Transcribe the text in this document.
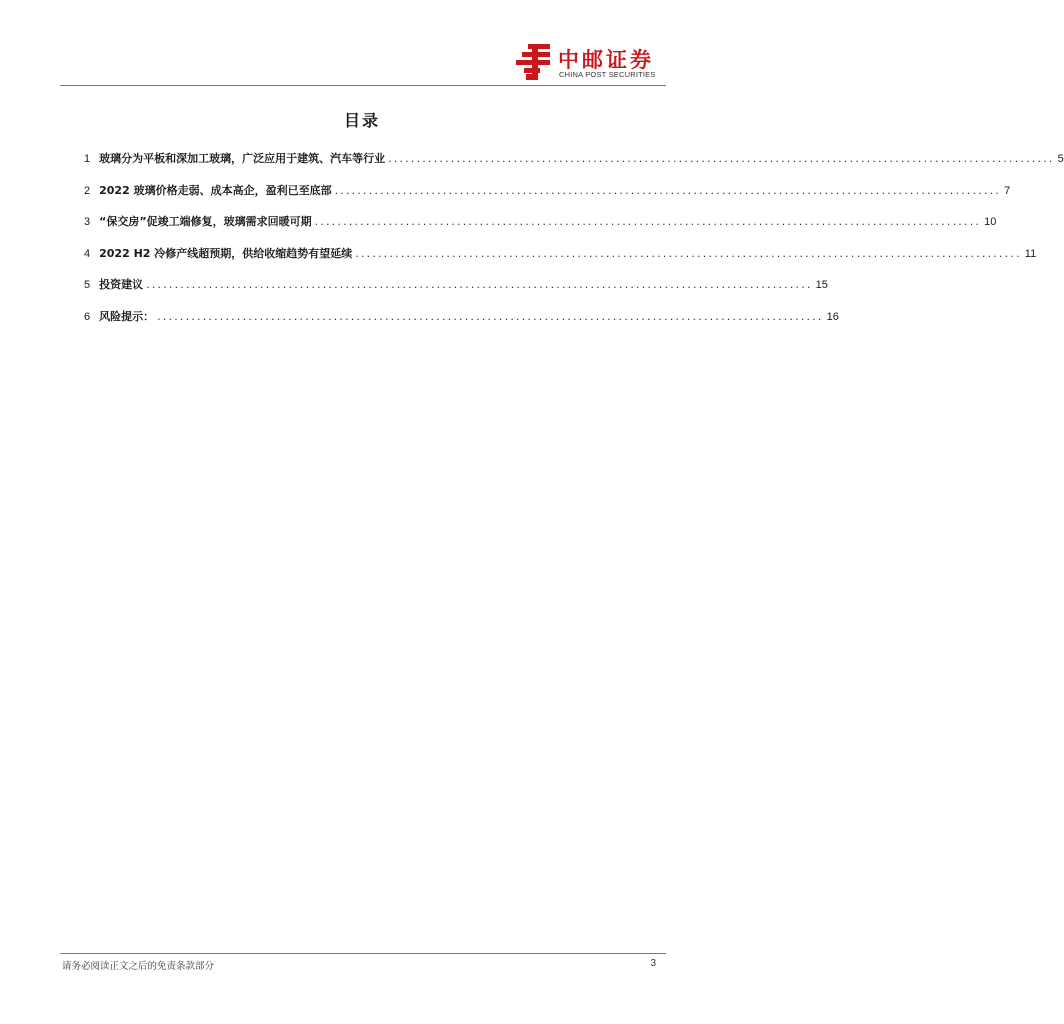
中邮证券
CHINA POST SECURITIES
目录
1 玻璃分为平板和深加工玻璃，广泛应用于建筑、汽车等行业 ..................................................................................................................... 5
2 2022 玻璃价格走弱、成本高企，盈利已至底部 ..................................................................................................................... 7
3 “保交房”促竣工端修复，玻璃需求回暖可期 ..................................................................................................................... 10
4 2022 H2 冷修产线超预期，供给收缩趋势有望延续 ..................................................................................................................... 11
5 投资建议 ..................................................................................................................... 15
6 风险提示： ..................................................................................................................... 16
请务必阅读正文之后的免责条款部分	3
